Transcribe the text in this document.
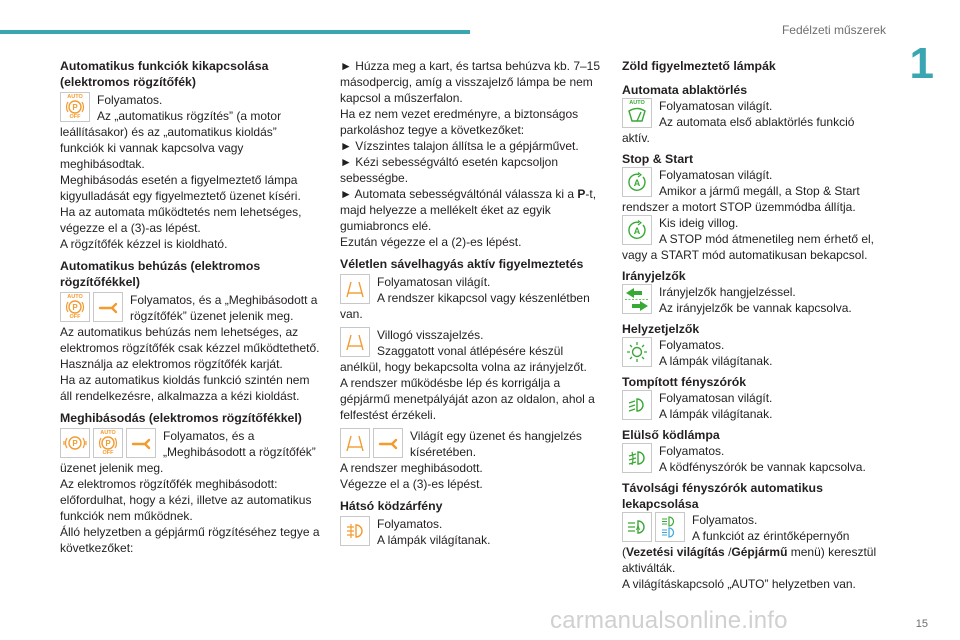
Fedélzeti műszerek
1
Automatikus funkciók kikapcsolása (elektromos rögzítőfék)
AUTO
P
OFF

Folyamatos.

Az „automatikus rögzítés” (a motor leállításakor) és az „automatikus kioldás” funkciók ki vannak kapcsolva vagy meghibásodtak.

Meghibásodás esetén a figyelmeztető lámpa kigyulladását egy figyelmeztető üzenet kíséri.

Ha az automata működtetés nem lehetséges, végezze el a (3)-as lépést.

A rögzítőfék kézzel is kioldható.

Automatikus behúzás (elektromos rögzítőfékkel)
AUTO
P
OFF

Folyamatos, és a „Meghibásodott a rögzítőfék” üzenet jelenik meg.

Az automatikus behúzás nem lehetséges, az elektromos rögzítőfék csak kézzel működtethető.

Használja az elektromos rögzítőfék karját.

Ha az automatikus kioldás funkció szintén nem áll rendelkezésre, alkalmazza a kézi kioldást.

Meghibásodás (elektromos rögzítőfékkel)
P
AUTO
P
OFF

Folyamatos, és a „Meghibásodott a rögzítőfék” üzenet jelenik meg.

Az elektromos rögzítőfék meghibásodott:

előfordulhat, hogy a kézi, illetve az automatikus funkciók nem működnek.

Álló helyzetben a gépjármű rögzítéséhez tegye a következőket:

► Húzza meg a kart, és tartsa behúzva kb. 7–15 másodpercig, amíg a visszajelző lámpa be nem kapcsol a műszerfalon.

Ha ez nem vezet eredményre, a biztonságos parkoláshoz tegye a következőket:

► Vízszintes talajon állítsa le a gépjárművet.

► Kézi sebességváltó esetén kapcsoljon sebességbe.

► Automata sebességváltónál válassza ki a P-t, majd helyezze a mellékelt éket az egyik gumiabroncs elé.

Ezután végezze el a (2)-es lépést.

Véletlen sávelhagyás aktív figyelmeztetés

Folyamatosan világít.

A rendszer kikapcsol vagy készenlétben van.

Villogó visszajelzés.

Szaggatott vonal átlépésére készül anélkül, hogy bekapcsolta volna az irányjelzőt.

A rendszer működésbe lép és korrigálja a gépjármű menetpályáját azon az oldalon, ahol a felfestést érzékeli.

Világít egy üzenet és hangjelzés kíséretében.

A rendszer meghibásodott.

Végezze el a (3)-es lépést.

Hátsó ködzárfény

Folyamatos.

A lámpák világítanak.

Zöld figyelmeztető lámpák
Automata ablaktörlés
AUTO	Folyamatosan világít.

Az automata első ablaktörlés funkció aktív.

Stop & Start
A

Folyamatosan világít.

Amikor a jármű megáll, a Stop & Start rendszer a motort STOP üzemmódba állítja.

A

Kis ideig villog.

A STOP mód átmenetileg nem érhető el, vagy a START mód automatikusan bekapcsol.

Irányjelzők

Irányjelzők hangjelzéssel.

Az irányjelzők be vannak kapcsolva.

Helyzetjelzők

Folyamatos.

A lámpák világítanak.

Tompított fényszórók

Folyamatosan világít.

A lámpák világítanak.

Elülső ködlámpa

Folyamatos.

A ködfényszórók be vannak kapcsolva.

Távolsági fényszórók automatikus lekapcsolása
A

Folyamatos.

A funkciót az érintőképernyőn

(Vezetési világítás /Gépjármű menü) keresztül aktiválták.

A világításkapcsoló „AUTO” helyzetben van.

carmanualsonline.info	15
